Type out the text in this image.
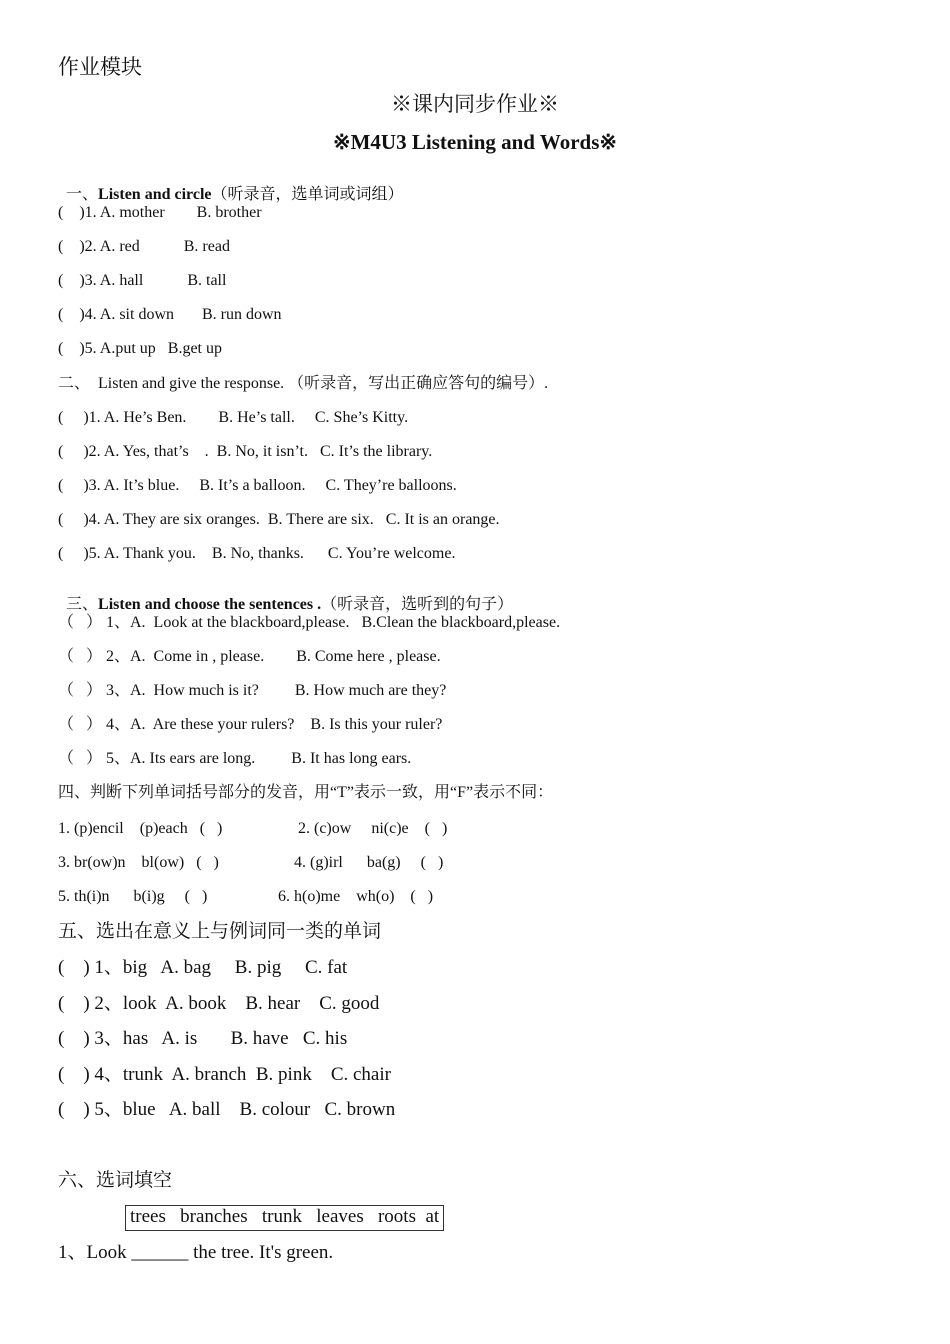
作业模块
※课内同步作业※
※M4U3 Listening and Words※

一、Listen and circle（听录音，选单词或词组）

(    )1. A. mother        B. brother
(    )2. A. red           B. read
(    )3. A. hall           B. tall
(    )4. A. sit down       B. run down
(    )5. A.put up   B.get up
二、  Listen and give the response. （听录音，写出正确应答句的编号）.
(     )1. A. He’s Ben.        B. He’s tall.     C. She’s Kitty.
(     )2. A. Yes, that’s    .  B. No, it isn’t.   C. It’s the library.
(     )3. A. It’s blue.     B. It’s a balloon.     C. They’re balloons.
(     )4. A. They are six oranges.  B. There are six.   C. It is an orange.
(     )5. A. Thank you.    B. No, thanks.      C. You’re welcome.

三、Listen and choose the sentences .（听录音，选听到的句子）

（   ） 1、A.  Look at the blackboard,please.   B.Clean the blackboard,please.
（   ） 2、A.  Come in , please.        B. Come here , please.
（   ） 3、A.  How much is it?         B. How much are they?
（   ） 4、A.  Are these your rulers?    B. Is this your ruler?
（   ） 5、A. Its ears are long.         B. It has long ears.
四、判断下列单词括号部分的发音，用“T”表示一致，用“F”表示不同：
1. (p)encil    (p)each   (   )	2. (c)ow     ni(c)e    (   )
3. br(ow)n    bl(ow)   (   )	4. (g)irl      ba(g)     (   )
5. th(i)n      b(i)g     (   )	6. h(o)me    wh(o)    (   )
五、选出在意义上与例词同一类的单词
(    ) 1、big   A. bag     B. pig     C. fat
(    ) 2、look  A. book    B. hear    C. good
(    ) 3、has   A. is       B. have   C. his
(    ) 4、trunk  A. branch  B. pink    C. chair
(    ) 5、blue   A. ball    B. colour   C. brown
六、选词填空
trees   branches   trunk   leaves   roots  at
1、Look ______ the tree. It's green.
